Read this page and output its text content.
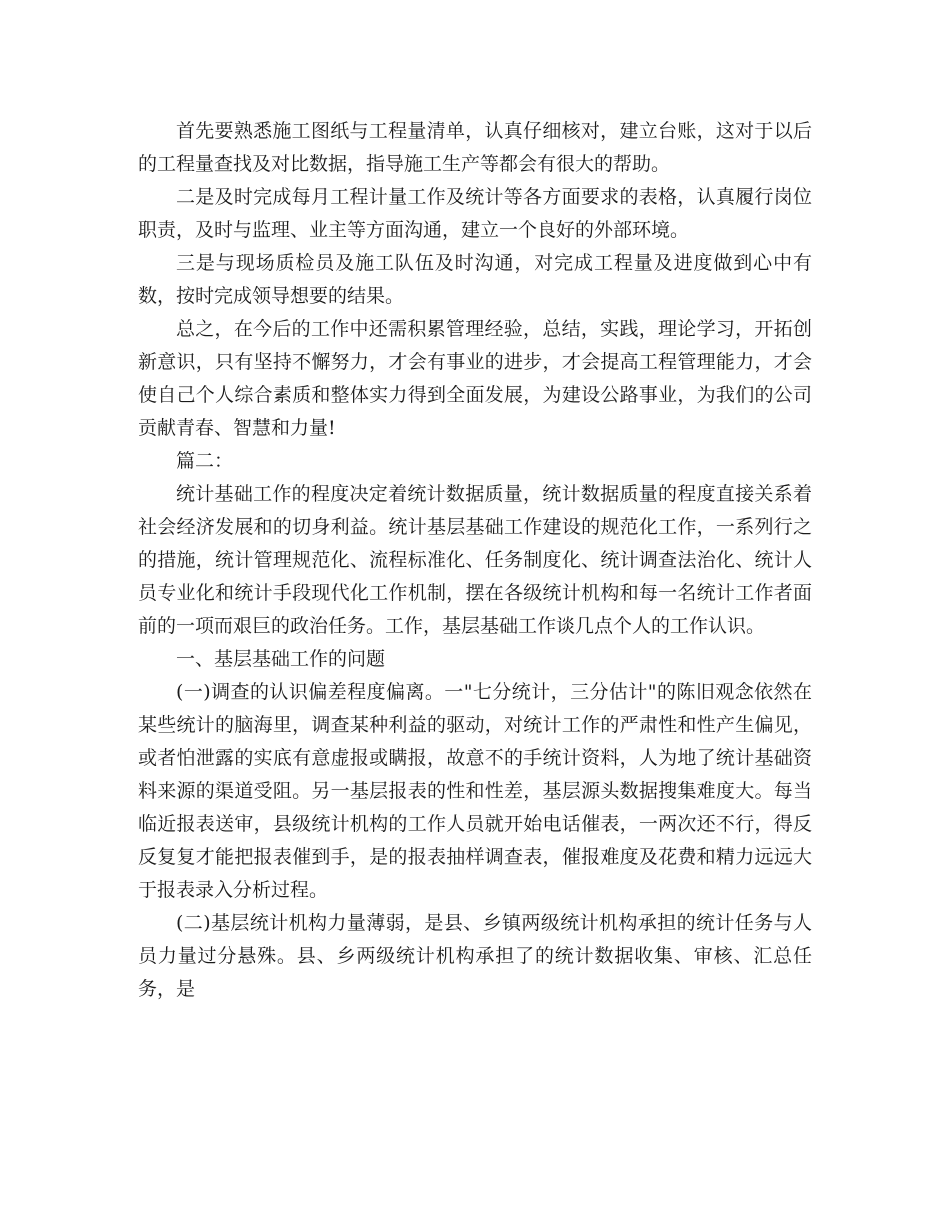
首先要熟悉施工图纸与工程量清单，认真仔细核对，建立台账，这对于以后的工程量查找及对比数据，指导施工生产等都会有很大的帮助。

二是及时完成每月工程计量工作及统计等各方面要求的表格，认真履行岗位职责，及时与监理、业主等方面沟通，建立一个良好的外部环境。

三是与现场质检员及施工队伍及时沟通，对完成工程量及进度做到心中有数，按时完成领导想要的结果。

总之，在今后的工作中还需积累管理经验，总结，实践，理论学习，开拓创新意识，只有坚持不懈努力，才会有事业的进步，才会提高工程管理能力，才会使自己个人综合素质和整体实力得到全面发展，为建设公路事业，为我们的公司贡献青春、智慧和力量!

篇二：

统计基础工作的程度决定着统计数据质量，统计数据质量的程度直接关系着社会经济发展和的切身利益。统计基层基础工作建设的规范化工作，一系列行之的措施，统计管理规范化、流程标准化、任务制度化、统计调查法治化、统计人员专业化和统计手段现代化工作机制，摆在各级统计机构和每一名统计工作者面前的一项而艰巨的政治任务。工作，基层基础工作谈几点个人的工作认识。

一、基层基础工作的问题

(一)调查的认识偏差程度偏离。一"七分统计，三分估计"的陈旧观念依然在某些统计的脑海里，调查某种利益的驱动，对统计工作的严肃性和性产生偏见，或者怕泄露的实底有意虚报或瞒报，故意不的手统计资料，人为地了统计基础资料来源的渠道受阻。另一基层报表的性和性差，基层源头数据搜集难度大。每当临近报表送审，县级统计机构的工作人员就开始电话催表，一两次还不行，得反反复复才能把报表催到手，是的报表抽样调查表，催报难度及花费和精力远远大于报表录入分析过程。

(二)基层统计机构力量薄弱，是县、乡镇两级统计机构承担的统计任务与人员力量过分悬殊。县、乡两级统计机构承担了的统计数据收集、审核、汇总任务，是
